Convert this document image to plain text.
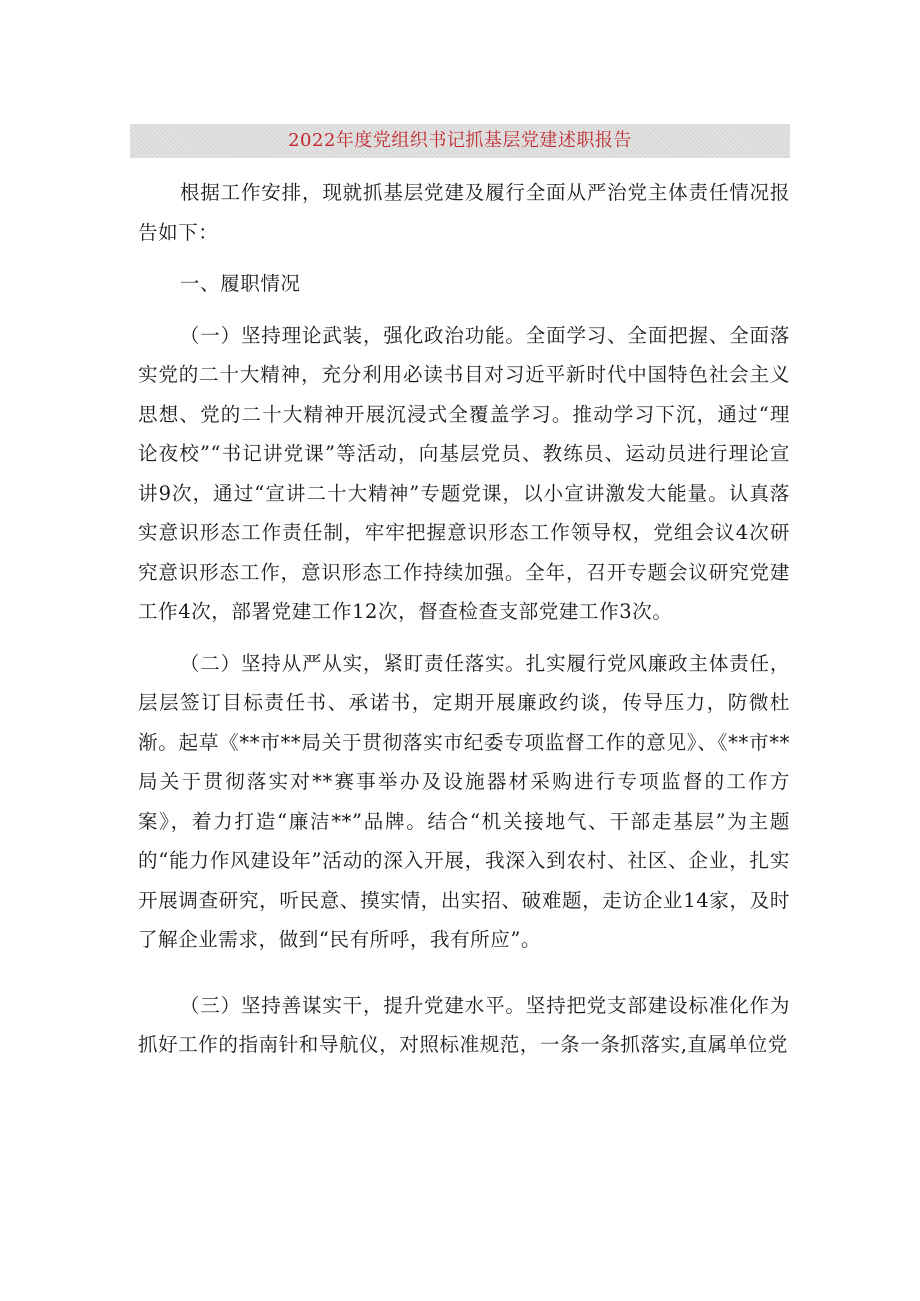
2022年度党组织书记抓基层党建述职报告

根据工作安排，现就抓基层党建及履行全面从严治党主体责任情况报告如下：

一、履职情况

（一）坚持理论武装，强化政治功能。全面学习、全面把握、全面落实党的二十大精神，充分利用必读书目对习近平新时代中国特色社会主义思想、党的二十大精神开展沉浸式全覆盖学习。推动学习下沉，通过“理论夜校”“书记讲党课”等活动，向基层党员、教练员、运动员进行理论宣讲9次，通过“宣讲二十大精神”专题党课，以小宣讲激发大能量。认真落实意识形态工作责任制，牢牢把握意识形态工作领导权，党组会议4次研究意识形态工作，意识形态工作持续加强。全年，召开专题会议研究党建工作4次，部署党建工作12次，督查检查支部党建工作3次。

（二）坚持从严从实，紧盯责任落实。扎实履行党风廉政主体责任，层层签订目标责任书、承诺书，定期开展廉政约谈，传导压力，防微杜渐。起草《**市**局关于贯彻落实市纪委专项监督工作的意见》、《**市**局关于贯彻落实对**赛事举办及设施器材采购进行专项监督的工作方案》，着力打造“廉洁**”品牌。结合“机关接地气、干部走基层”为主题的“能力作风建设年”活动的深入开展，我深入到农村、社区、企业，扎实开展调查研究，听民意、摸实情，出实招、破难题，走访企业14家，及时了解企业需求，做到“民有所呼，我有所应”。

（三）坚持善谋实干，提升党建水平。坚持把党支部建设标准化作为抓好工作的指南针和导航仪，对照标准规范，一条一条抓落实,直属单位党
